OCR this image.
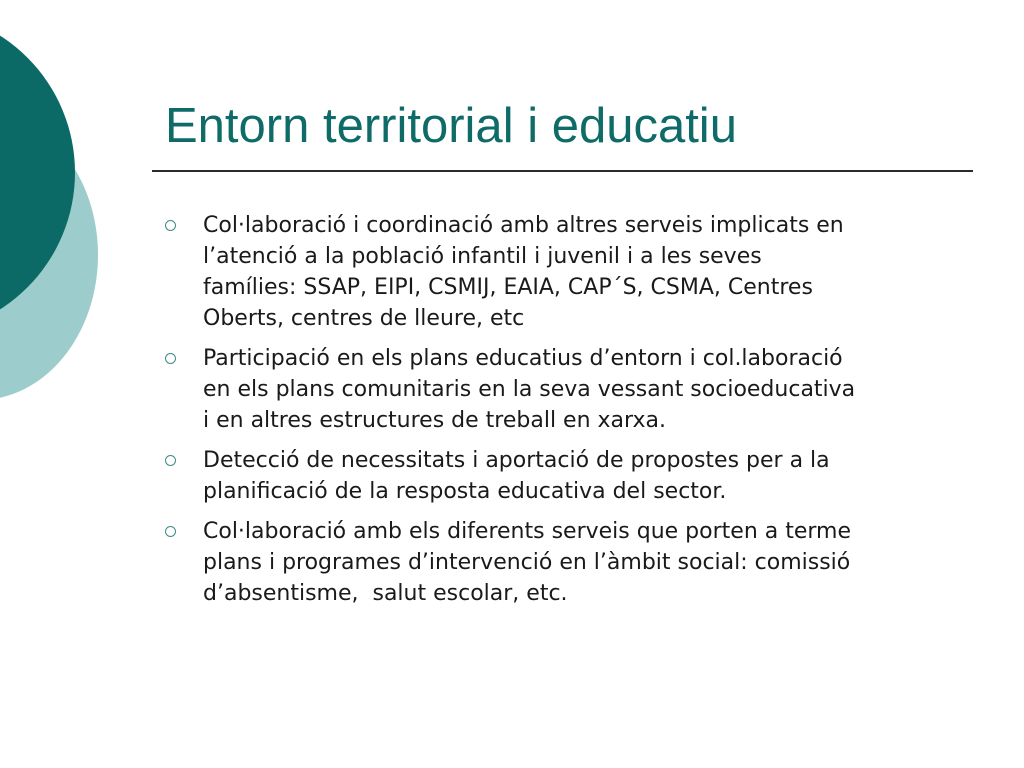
Entorn territorial i educatiu
Col·laboració i coordinació amb altres serveis implicats en
l’atenció a la població infantil i juvenil i a les seves
famílies: SSAP, EIPI, CSMIJ, EAIA, CAP´S, CSMA, Centres
Oberts, centres de lleure, etc
Participació en els plans educatius d’entorn i col.laboració
en els plans comunitaris en la seva vessant socioeducativa
i en altres estructures de treball en xarxa.
Detecció de necessitats i aportació de propostes per a la
planificació de la resposta educativa del sector.
Col·laboració amb els diferents serveis que porten a terme
plans i programes d’intervenció en l’àmbit social: comissió
d’absentisme,  salut escolar, etc.
